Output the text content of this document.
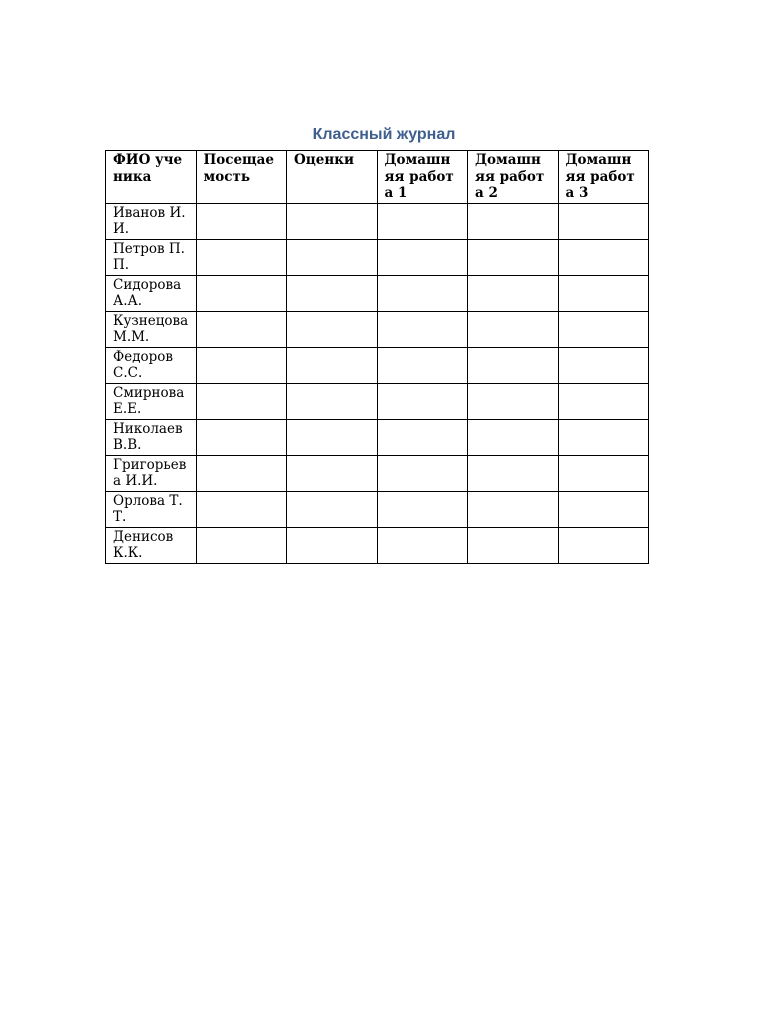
Классный журнал
ФИО ученика	Посещаемость	Оценки	Домашняя работа 1	Домашняя работа 2	Домашняя работа 3
Иванов И.И.					
Петров П.П.					
Сидорова А.А.					
Кузнецова М.М.					
Федоров С.С.					
Смирнова Е.Е.					
Николаев В.В.					
Григорьева И.И.					
Орлова Т.Т.					
Денисов К.К.					
